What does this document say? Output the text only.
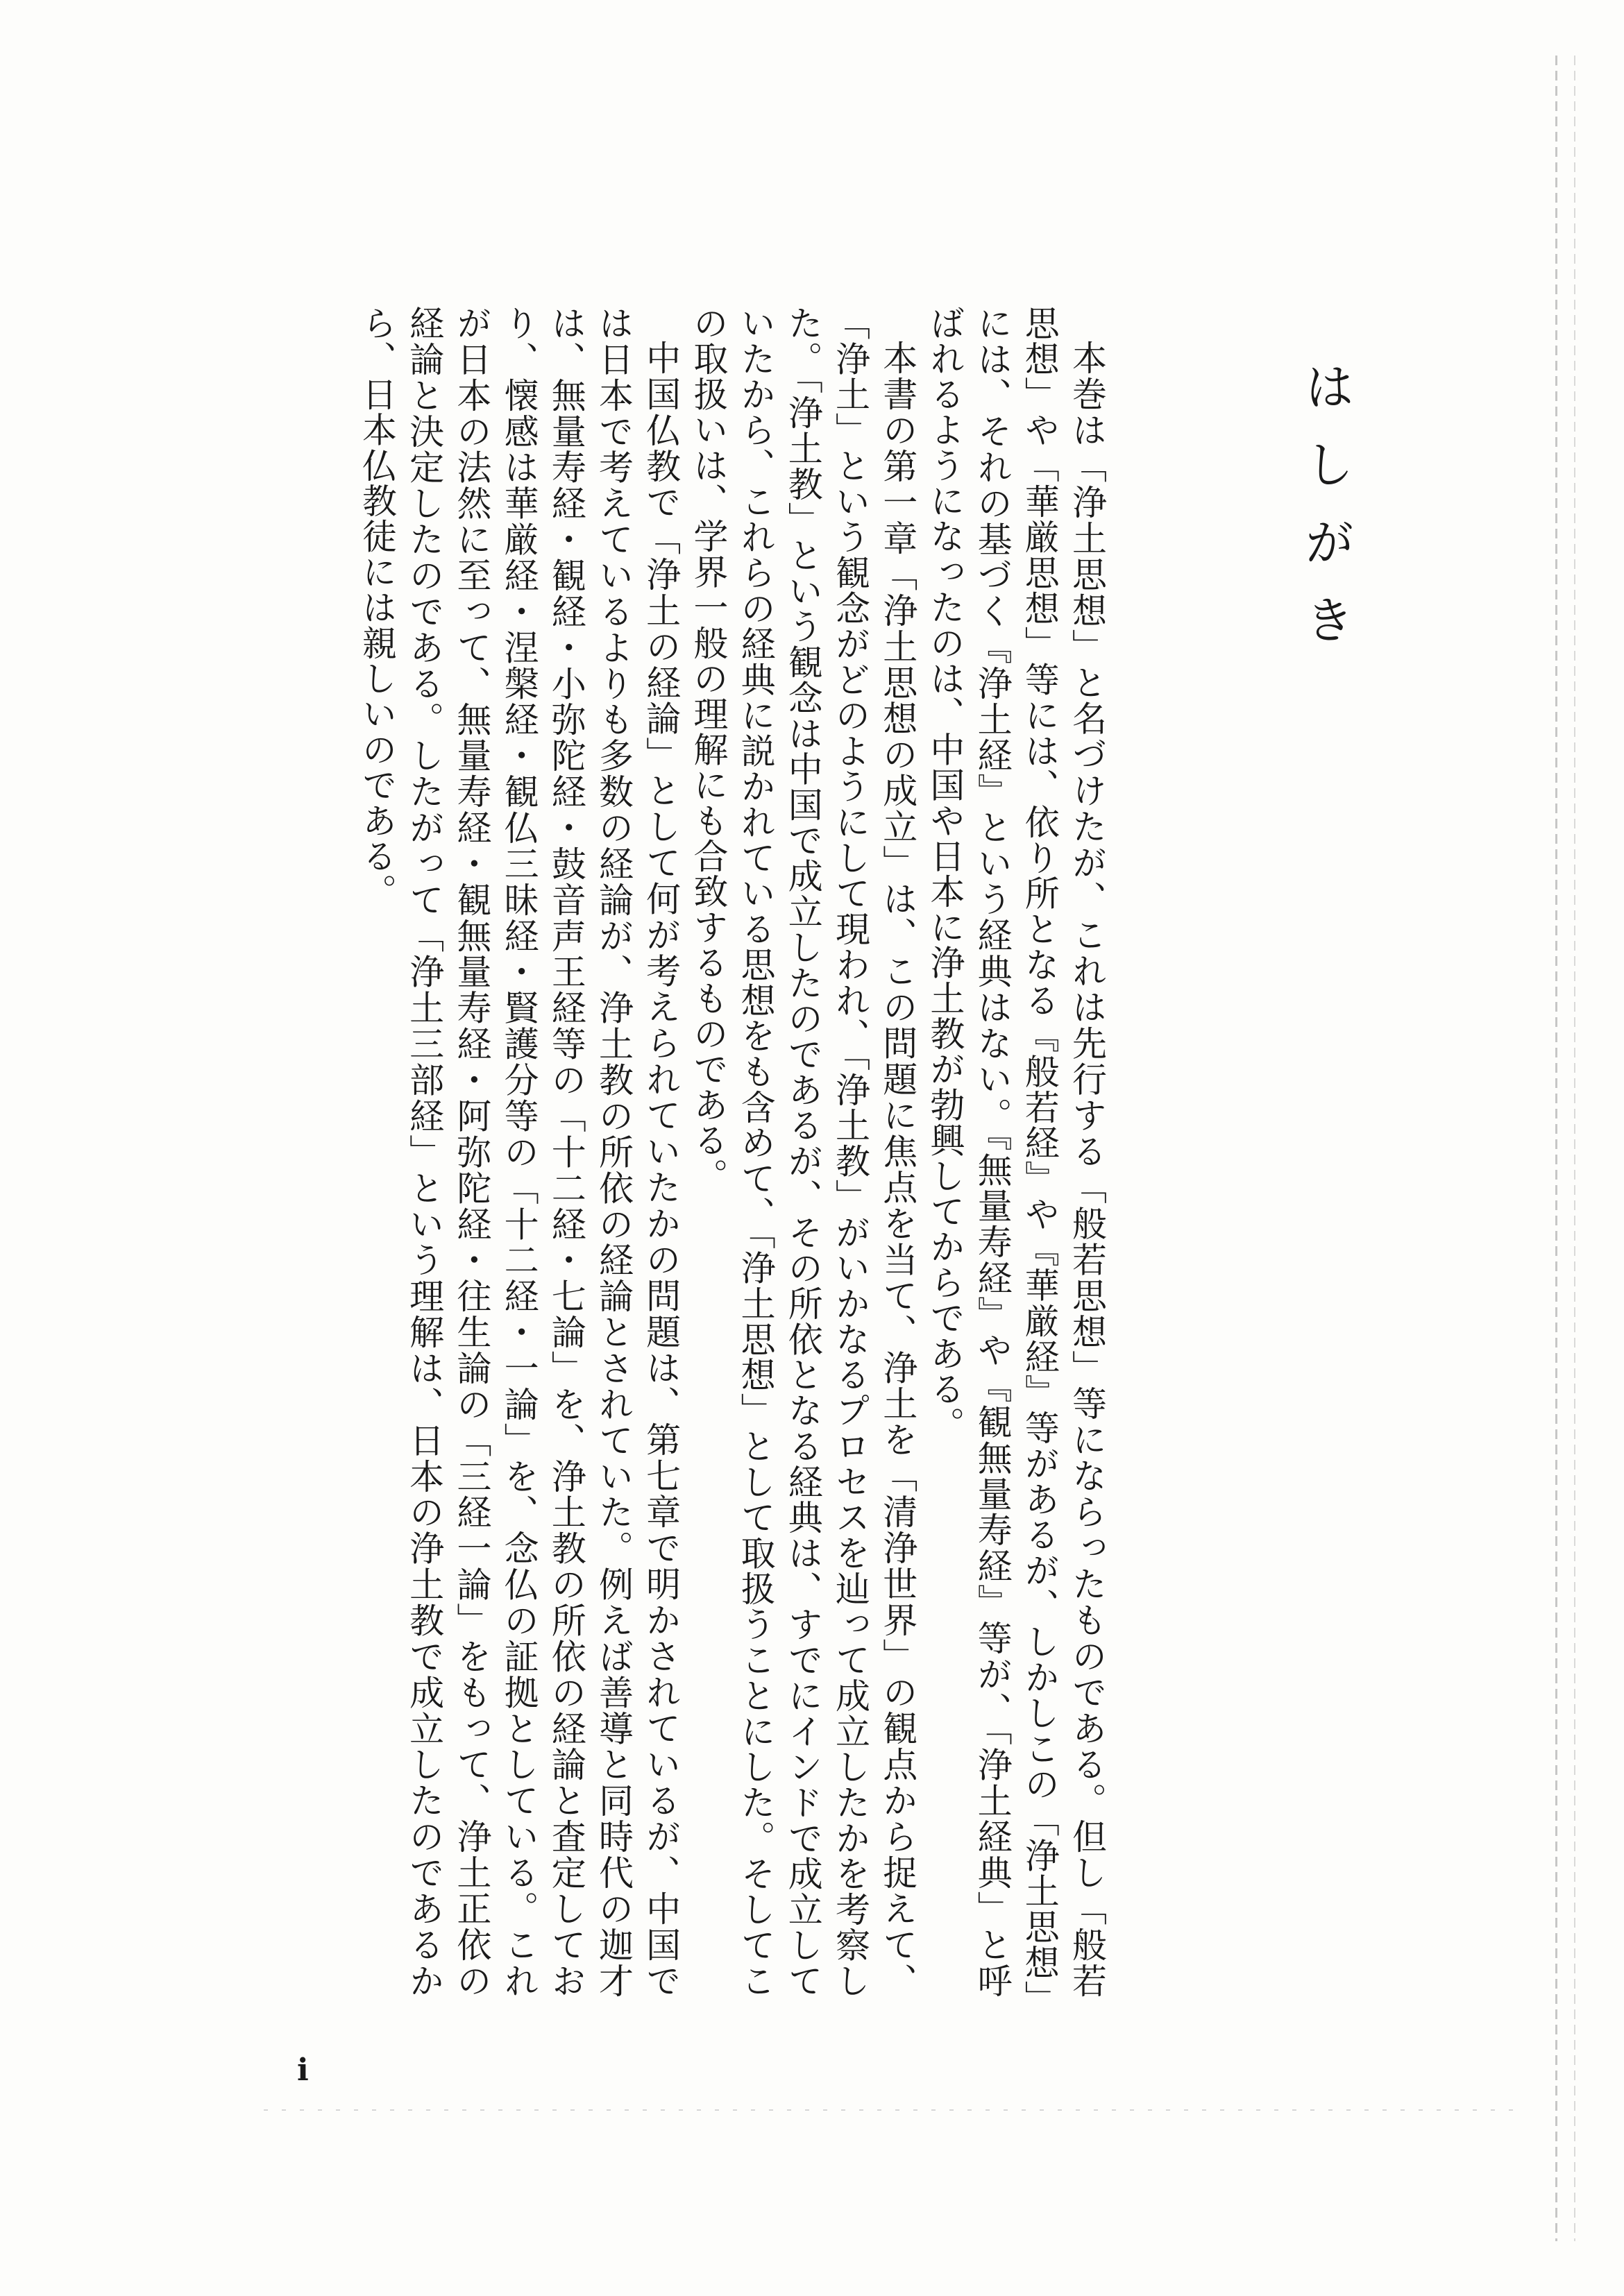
はしがき

本巻は「浄土思想」と名づけたが、これは先行する「般若思想」等にならったものである。但し「般若思想」や「華厳思想」等には、依り所となる『般若経』や『華厳経』等があるが、しかしこの「浄土思想」には、それの基づく『浄土経』という経典はない。『無量寿経』や『観無量寿経』等が、「浄土経典」と呼ばれるようになったのは、中国や日本に浄土教が勃興してからである。

本書の第一章「浄土思想の成立」は、この問題に焦点を当て、浄土を「清浄世界」の観点から捉えて、「浄土」という観念がどのようにして現われ、「浄土教」がいかなるプロセスを辿って成立したかを考察した。「浄土教」という観念は中国で成立したのであるが、その所依となる経典は、すでにインドで成立していたから、これらの経典に説かれている思想をも含めて、「浄土思想」として取扱うことにした。そしてこの取扱いは、学界一般の理解にも合致するものである。

中国仏教で「浄土の経論」として何が考えられていたかの問題は、第七章で明かされているが、中国では日本で考えているよりも多数の経論が、浄土教の所依の経論とされていた。例えば善導と同時代の迦才は、無量寿経・観経・小弥陀経・鼓音声王経等の「十二経・七論」を、浄土教の所依の経論と査定しており、懐感は華厳経・涅槃経・観仏三昧経・賢護分等の「十二経・一論」を、念仏の証拠としている。これが日本の法然に至って、無量寿経・観無量寿経・阿弥陀経・往生論の「三経一論」をもって、浄土正依の経論と決定したのである。したがって「浄土三部経」という理解は、日本の浄土教で成立したのであるから、日本仏教徒には親しいのである。

i
